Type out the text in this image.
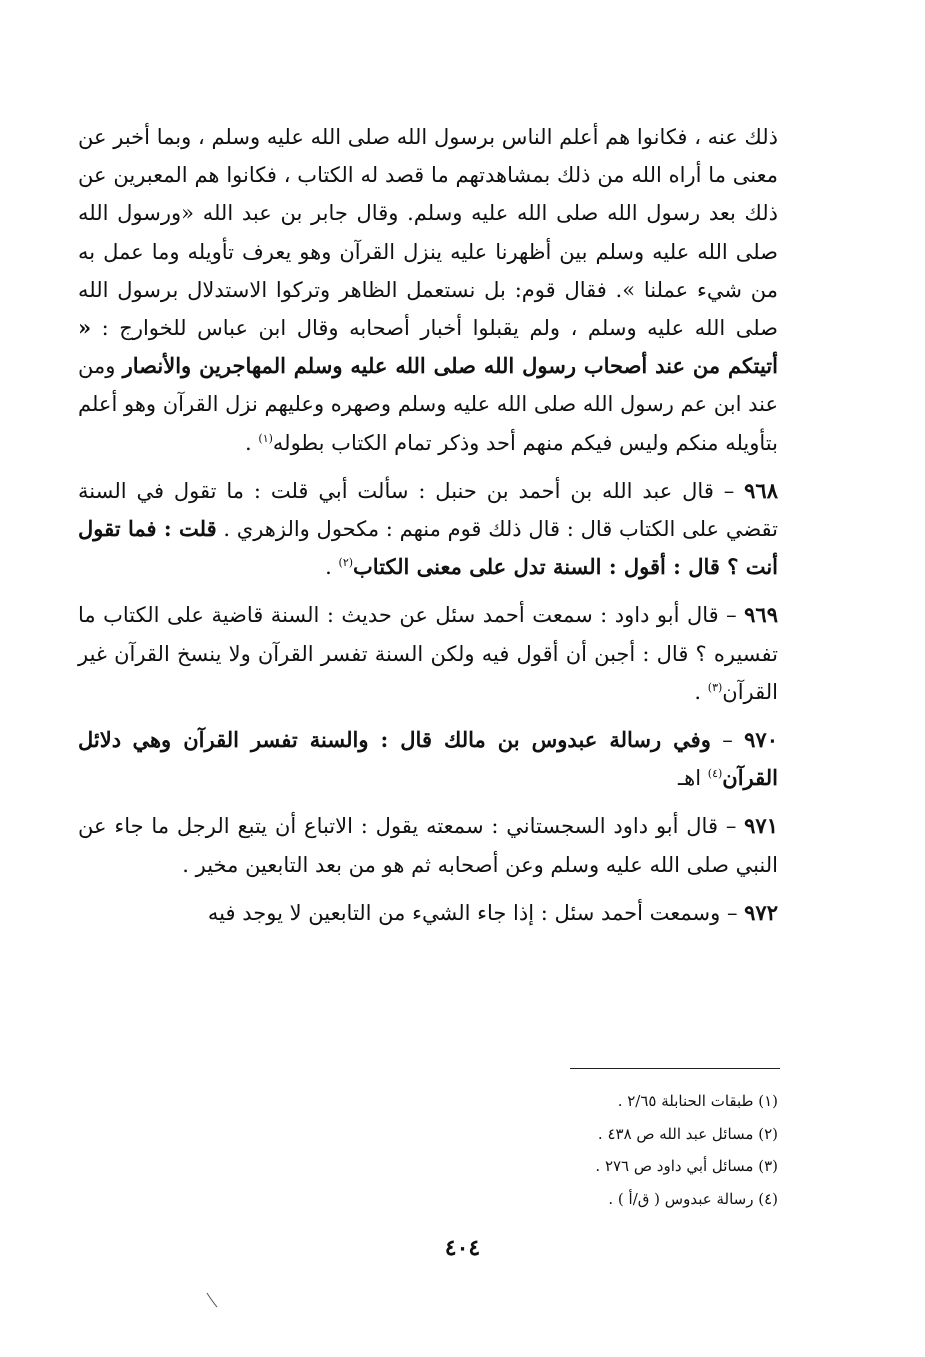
ذلك عنه ، فكانوا هم أعلم الناس برسول الله صلى الله عليه وسلم ، وبما أخبر عن معنى ما أراه الله من ذلك بمشاهدتهم ما قصد له الكتاب ، فكانوا هم المعبرين عن ذلك بعد رسول الله صلى الله عليه وسلم. وقال جابر بن عبد الله «ورسول الله صلى الله عليه وسلم بين أظهرنا عليه ينزل القرآن وهو يعرف تأويله وما عمل به من شيء عملنا ». فقال قوم: بل نستعمل الظاهر وتركوا الاستدلال برسول الله صلى الله عليه وسلم ، ولم يقبلوا أخبار أصحابه وقال ابن عباس للخوارج : « أتيتكم من عند أصحاب رسول الله صلى الله عليه وسلم المهاجرين والأنصار ومن عند ابن عم رسول الله صلى الله عليه وسلم وصهره وعليهم نزل القرآن وهو أعلم بتأويله منكم وليس فيكم منهم أحد وذكر تمام الكتاب بطوله$^{(١)}$ .

٩٦٨ – قال عبد الله بن أحمد بن حنبل : سألت أبي قلت : ما تقول في السنة تقضي على الكتاب قال : قال ذلك قوم منهم : مكحول والزهري . قلت : فما تقول أنت ؟ قال : أقول : السنة تدل على معنى الكتاب$^{(٢)}$ .

٩٦٩ – قال أبو داود : سمعت أحمد سئل عن حديث : السنة قاضية على الكتاب ما تفسيره ؟ قال : أجبن أن أقول فيه ولكن السنة تفسر القرآن ولا ينسخ القرآن غير القرآن$^{(٣)}$ .

٩٧٠ – وفي رسالة عبدوس بن مالك قال : والسنة تفسر القرآن وهي دلائل القرآن$^{(٤)}$ اهـ

٩٧١ – قال أبو داود السجستاني : سمعته يقول : الاتباع أن يتبع الرجل ما جاء عن النبي صلى الله عليه وسلم وعن أصحابه ثم هو من بعد التابعين مخير .

٩٧٢ – وسمعت أحمد سئل : إذا جاء الشيء من التابعين لا يوجد فيه

(١) طبقات الحنابلة ٢/٦٥ .
(٢) مسائل عبد الله ص ٤٣٨ .
(٣) مسائل أبي داود ص ٢٧٦ .
(٤) رسالة عبدوس ( ق/أ ) .
٤٠٤
